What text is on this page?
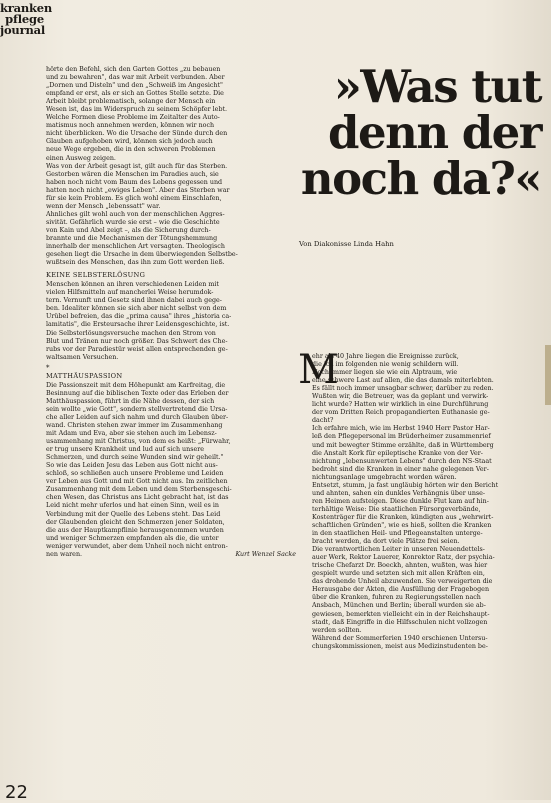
kranken
pflege
journal
hörte den Befehl, sich den Garten Gottes „zu bebauen
und zu bewahren", das war mit Arbeit verbunden. Aber
„Dornen und Disteln" und den „Schweiß im Angesicht"
empfand er erst, als er sich an Gottes Stelle setzte. Die
Arbeit bleibt problematisch, solange der Mensch ein
Wesen ist, das im Widerspruch zu seinem Schöpfer lebt.
Welche Formen diese Probleme im Zeitalter des Auto-
matismus noch annehmen werden, können wir noch
nicht überblicken. Wo die Ursache der Sünde durch den
Glauben aufgehoben wird, können sich jedoch auch
neue Wege ergeben, die in den schweren Problemen
einen Ausweg zeigen.
Was von der Arbeit gesagt ist, gilt auch für das Sterben.
Gestorben wären die Menschen im Paradies auch, sie
haben noch nicht vom Baum des Lebens gegessen und
hatten noch nicht „ewiges Leben". Aber das Sterben war
für sie kein Problem. Es glich wohl einem Einschlafen,
wenn der Mensch „lebenssatt" war.
Ähnliches gilt wohl auch von der menschlichen Aggres-
sivität. Gefährlich wurde sie erst – wie die Geschichte
von Kain und Abel zeigt –, als die Sicherung durch-
brannte und die Mechanismen der Tötungshemmung
innerhalb der menschlichen Art versagten. Theologisch
gesehen liegt die Ursache in dem überwiegenden Selbstbe-
wußtsein des Menschen, das ihn zum Gott werden ließ.
KEINE SELBSTERLÖSUNG
Menschen können an ihren verschiedenen Leiden mit
vielen Hilfsmitteln auf mancherlei Weise herumdok-
tern. Vernunft und Gesetz sind ihnen dabei auch gege-
ben. Idealiter können sie sich aber nicht selbst von dem
Urübel befreien, das die „prima causa" ihres „historia ca-
lamitatis", die Ersteursache ihrer Leidensgeschichte, ist.
Die Selbsterlösungsversuche machen den Strom von
Blut und Tränen nur noch größer. Das Schwert des Che-
rubs vor der Paradiestür weist allen entsprechenden ge-
waltsamen Versuchen.
*
MATTHÄUSPASSION
Die Passionszeit mit dem Höhepunkt am Karfreitag, die
Besinnung auf die biblischen Texte oder das Erleben der
Matthäuspassion, führt in die Nähe dessen, der sich
sein wollte „wie Gott", sondern stellvertretend die Ursa-
che aller Leiden auf sich nahm und durch Glauben über-
wand. Christen stehen zwar immer im Zusammenhang
mit Adam und Eva, aber sie stehen auch im Lebensz-
usammenhang mit Christus, von dem es heißt: „Fürwahr,
er trug unsere Krankheit und lud auf sich unsere
Schmerzen, und durch seine Wunden sind wir geheilt."
So wie das Leiden Jesu das Leben aus Gott nicht aus-
schloß, so schließen auch unsere Probleme und Leiden
ver Leben aus Gott und mit Gott nicht aus. Im zeitlichen
Zusammenhang mit dem Leben und dem Sterbensgeschi-
chen Wesen, das Christus ans Licht gebracht hat, ist das
Leid nicht mehr uferlos und hat einen Sinn, weil es in
Verbindung mit der Quelle des Lebens steht. Das Leid
der Glaubenden gleicht den Schmerzen jener Soldaten,
die aus der Hauptkampflinie herausgenommen wurden
und weniger Schmerzen empfanden als die, die unter
weniger verwundet, aber dem Unheil noch nicht entron-
nen waren.	Kurt Wenzel Sacke
»Was tut
denn der
noch da?«
Von Diakonisse Linda Hahn
M
ehr als 40 Jahre liegen die Ereignisse zurück,
die ich im folgenden nie wenig schildern will.
Noch immer liegen sie wie ein Alptraum, wie
eine schwere Last auf allen, die das damals miterlebten.
Es fällt noch immer unsagbar schwer, darüber zu reden.
Wußten wir, die Betreuer, was da geplant und verwirk-
licht wurde? Hatten wir wirklich in eine Durchführung
der vom Dritten Reich propagandierten Euthanasie ge-
dacht?
Ich erfahre mich, wie im Herbst 1940 Herr Pastor Har-
leß den Pflegepersonal im Brüderheimer zusammenrief
und mit bewegter Stimme erzählte, daß in Württemberg
die Anstalt Kork für epileptische Kranke von der Ver-
nichtung „lebensunwerten Lebens" durch den NS-Staat
bedroht sind die Kranken in einer nahe gelegenen Ver-
nichtungsanlage umgebracht worden wären.
Entsetzt, stumm, ja fast ungläubig hörten wir den Bericht
und ahnten, sahen ein dunkles Verhängnis über unse-
ren Heimen aufsteigen. Diese dunkle Flut kam auf hin-
terhältige Weise: Die staatlichen Fürsorgeverbände,
Kostenträger für die Kranken, kündigten aus „wehrwirt-
schaftlichen Gründen", wie es hieß, sollten die Kranken
in den staatlichen Heil- und Pflegeanstalten unterge-
bracht werden, da dort viele Plätze frei seien.
Die verantwortlichen Leiter in unseren Neuendettels-
auer Werk, Rektor Lauerer, Konrektor Ratz, der psychia-
trische Chefarzt Dr. Boeckh, ahnten, wußten, was hier
gespielt wurde und setzten sich mit allen Kräften ein,
das drohende Unheil abzuwenden. Sie verweigerten die
Herausgabe der Akten, die Ausfüllung der Fragebogen
über die Kranken, fuhren zu Regierungsstellen nach
Ansbach, München und Berlin; überall wurden sie ab-
gewiesen, bemerkten vielleicht ein in der Reichshaupt-
stadt, daß Eingriffe in die Hilfsschulen nicht vollzogen
werden sollten.
Während der Sommerferien 1940 erschienen Untersu-
chungskommissionen, meist aus Medizinstudenten be-
22
